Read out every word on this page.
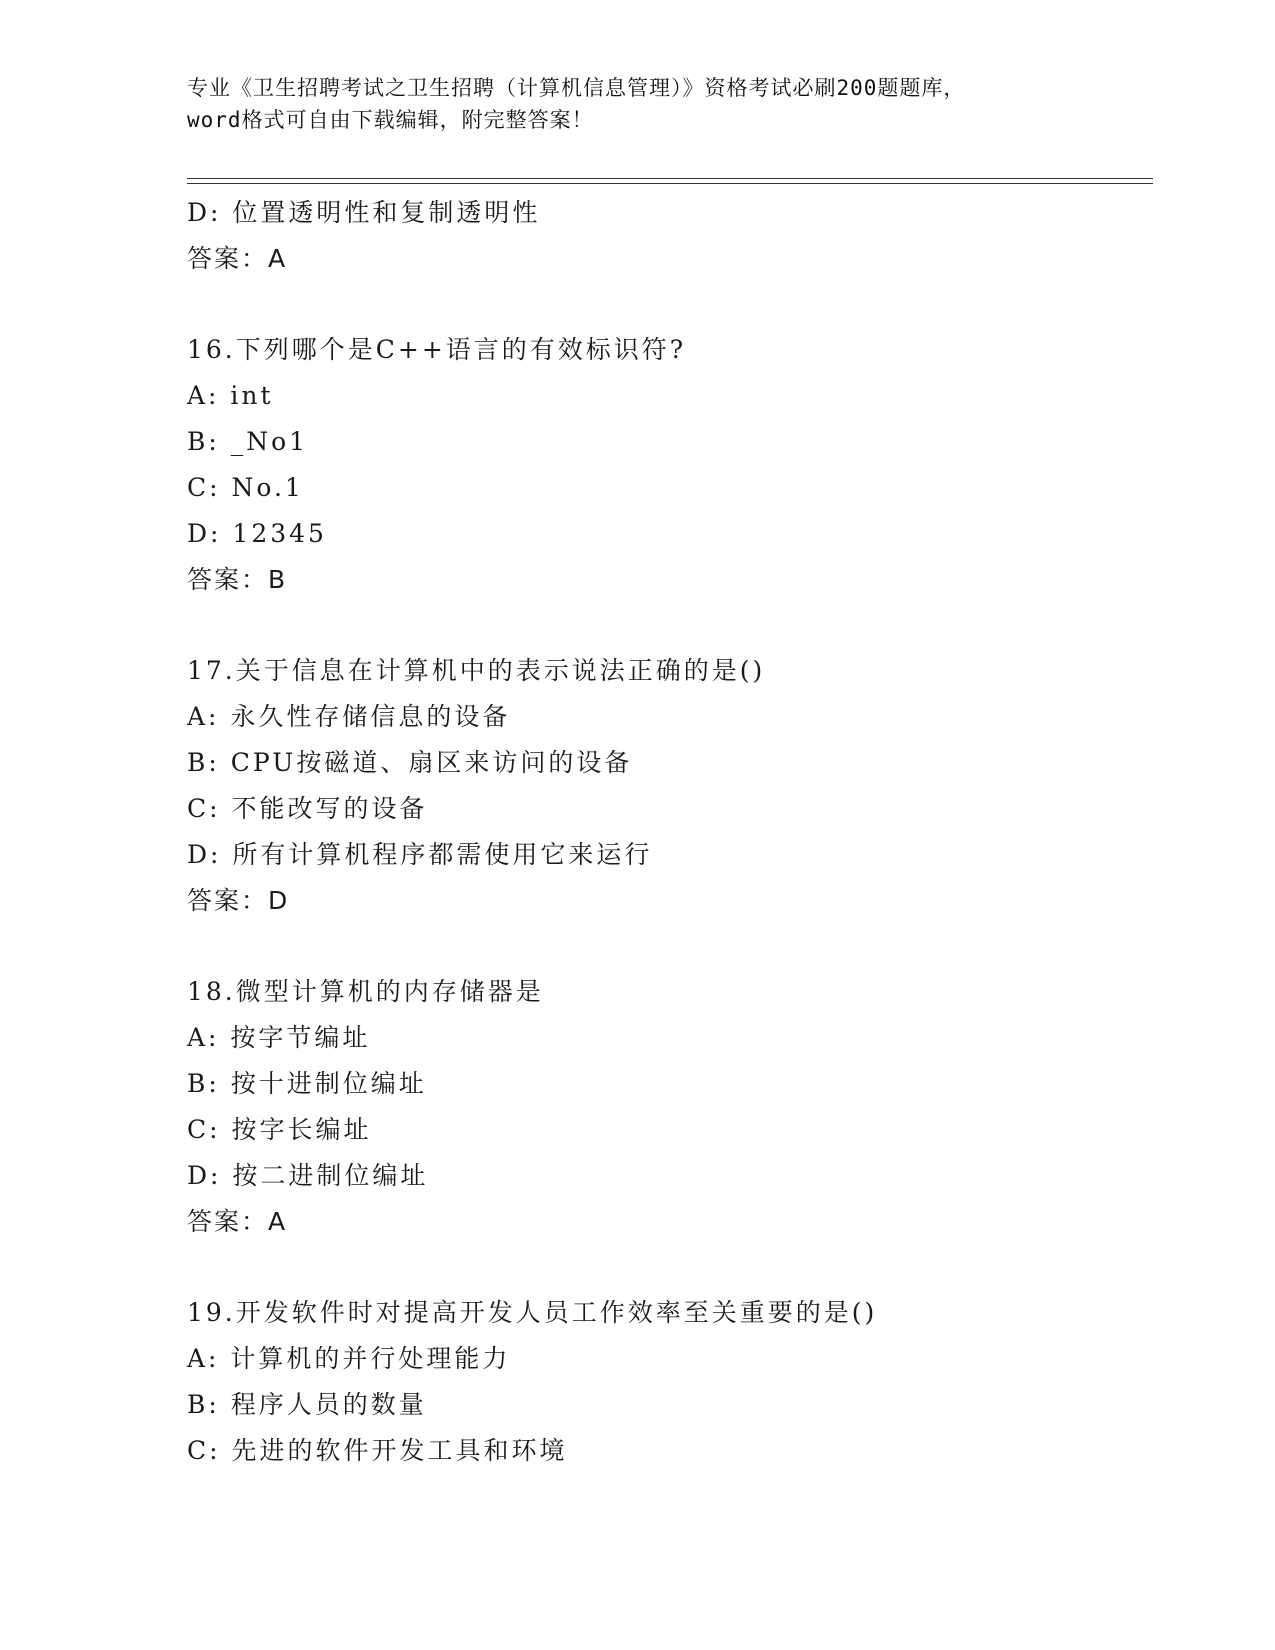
专业《卫生招聘考试之卫生招聘（计算机信息管理）》资格考试必刷200题题库，
word格式可自由下载编辑，附完整答案！
D: 位置透明性和复制透明性
答案：A
16.下列哪个是C++语言的有效标识符?
A: int
B: _No1
C: No.1
D: 12345
答案：B
17.关于信息在计算机中的表示说法正确的是()
A: 永久性存储信息的设备
B: CPU按磁道、扇区来访问的设备
C: 不能改写的设备
D: 所有计算机程序都需使用它来运行
答案：D
18.微型计算机的内存储器是
A: 按字节编址
B: 按十进制位编址
C: 按字长编址
D: 按二进制位编址
答案：A
19.开发软件时对提高开发人员工作效率至关重要的是()
A: 计算机的并行处理能力
B: 程序人员的数量
C: 先进的软件开发工具和环境
